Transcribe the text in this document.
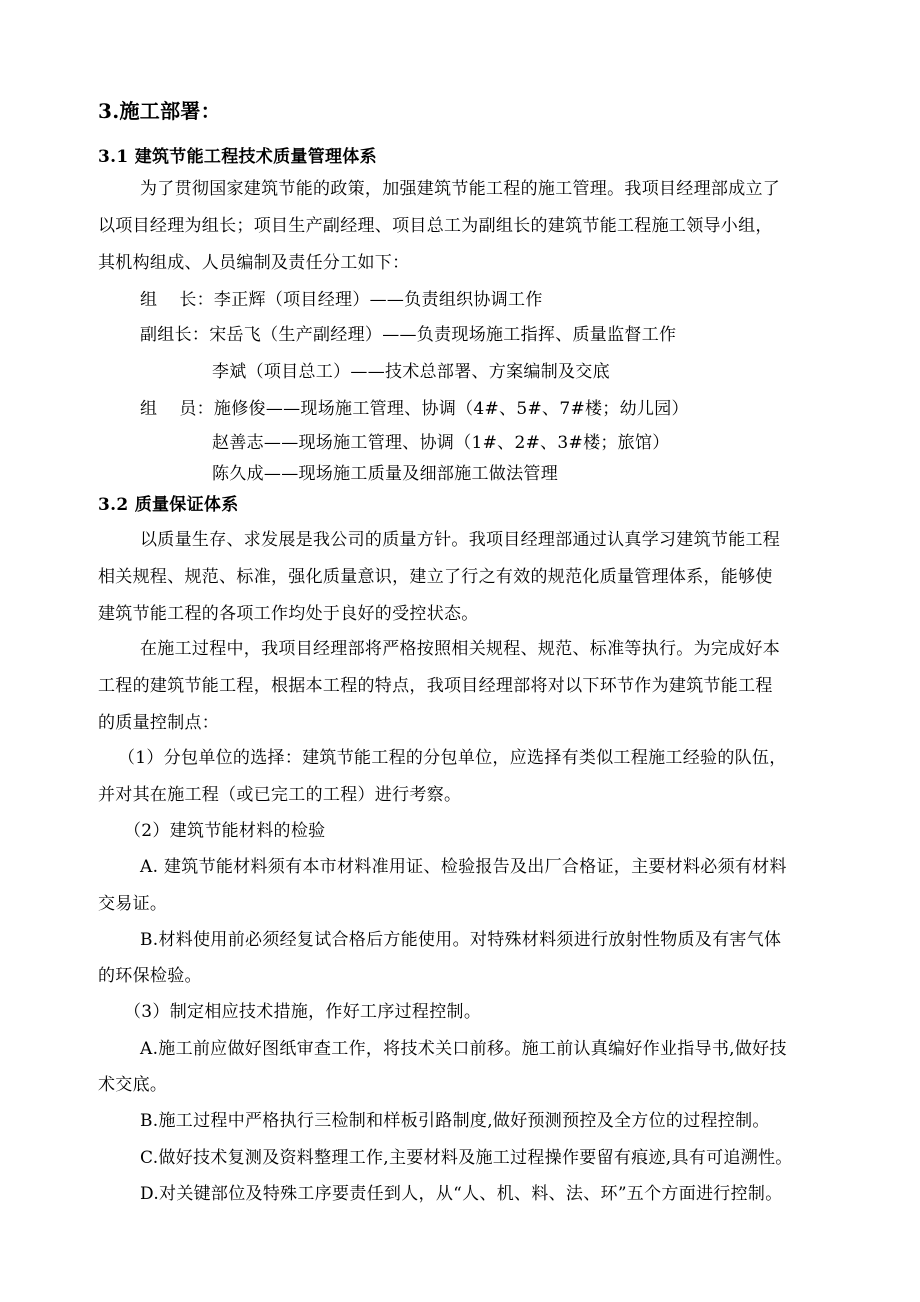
3.施工部署：
3.1 建筑节能工程技术质量管理体系
为了贯彻国家建筑节能的政策，加强建筑节能工程的施工管理。我项目经理部成立了
以项目经理为组长；项目生产副经理、项目总工为副组长的建筑节能工程施工领导小组，
其机构组成、人员编制及责任分工如下：
组 长：李正辉（项目经理）——负责组织协调工作
副组长：宋岳飞（生产副经理）——负责现场施工指挥、质量监督工作
李斌（项目总工）——技术总部署、方案编制及交底
组 员：施修俊——现场施工管理、协调（4#、5#、7#楼；幼儿园）
赵善志——现场施工管理、协调（1#、2#、3#楼；旅馆）
陈久成——现场施工质量及细部施工做法管理
3.2 质量保证体系
以质量生存、求发展是我公司的质量方针。我项目经理部通过认真学习建筑节能工程
相关规程、规范、标准，强化质量意识，建立了行之有效的规范化质量管理体系，能够使
建筑节能工程的各项工作均处于良好的受控状态。
在施工过程中，我项目经理部将严格按照相关规程、规范、标准等执行。为完成好本
工程的建筑节能工程，根据本工程的特点，我项目经理部将对以下环节作为建筑节能工程
的质量控制点：
（1）分包单位的选择：建筑节能工程的分包单位，应选择有类似工程施工经验的队伍，
并对其在施工程（或已完工的工程）进行考察。
（2）建筑节能材料的检验
A. 建筑节能材料须有本市材料准用证、检验报告及出厂合格证，主要材料必须有材料
交易证。
B.材料使用前必须经复试合格后方能使用。对特殊材料须进行放射性物质及有害气体
的环保检验。
（3）制定相应技术措施，作好工序过程控制。
A.施工前应做好图纸审查工作，将技术关口前移。施工前认真编好作业指导书,做好技
术交底。
B.施工过程中严格执行三检制和样板引路制度,做好预测预控及全方位的过程控制。
C.做好技术复测及资料整理工作,主要材料及施工过程操作要留有痕迹,具有可追溯性。
D.对关键部位及特殊工序要责任到人，从“人、机、料、法、环”五个方面进行控制。
